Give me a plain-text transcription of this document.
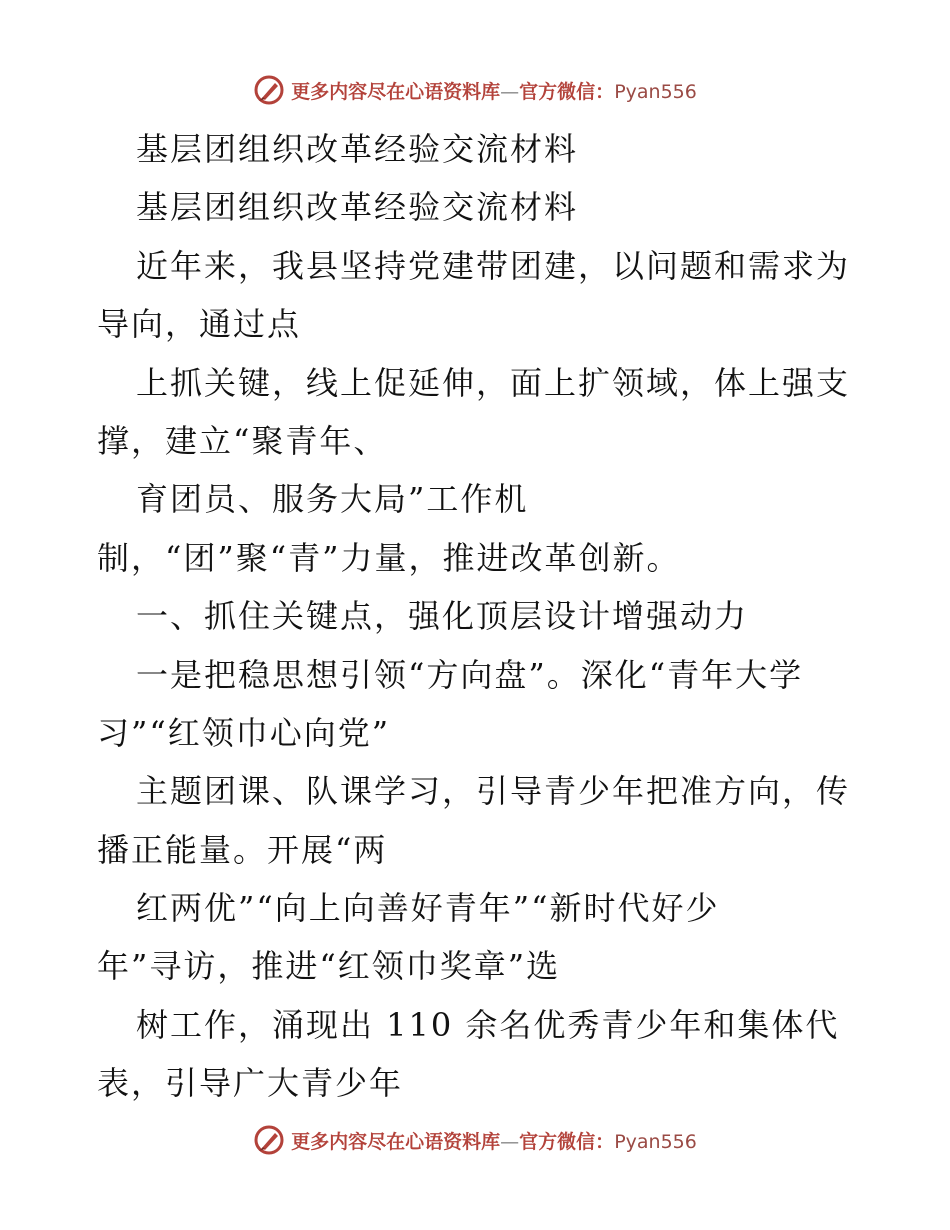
更多内容尽在心语资料库—官方微信：Pyan556
基层团组织改革经验交流材料
基层团组织改革经验交流材料
近年来，我县坚持党建带团建，以问题和需求为
导向，通过点
上抓关键，线上促延伸，面上扩领域，体上强支
撑，建立“聚青年、
育团员、服务大局”工作机
制，“团”聚“青”力量，推进改革创新。
一、抓住关键点，强化顶层设计增强动力
一是把稳思想引领“方向盘”。深化“青年大学
习”“红领巾心向党”
主题团课、队课学习，引导青少年把准方向，传
播正能量。开展“两
红两优”“向上向善好青年”“新时代好少
年”寻访，推进“红领巾奖章”选
树工作，涌现出 110 余名优秀青少年和集体代
表，引导广大青少年
更多内容尽在心语资料库—官方微信：Pyan556
